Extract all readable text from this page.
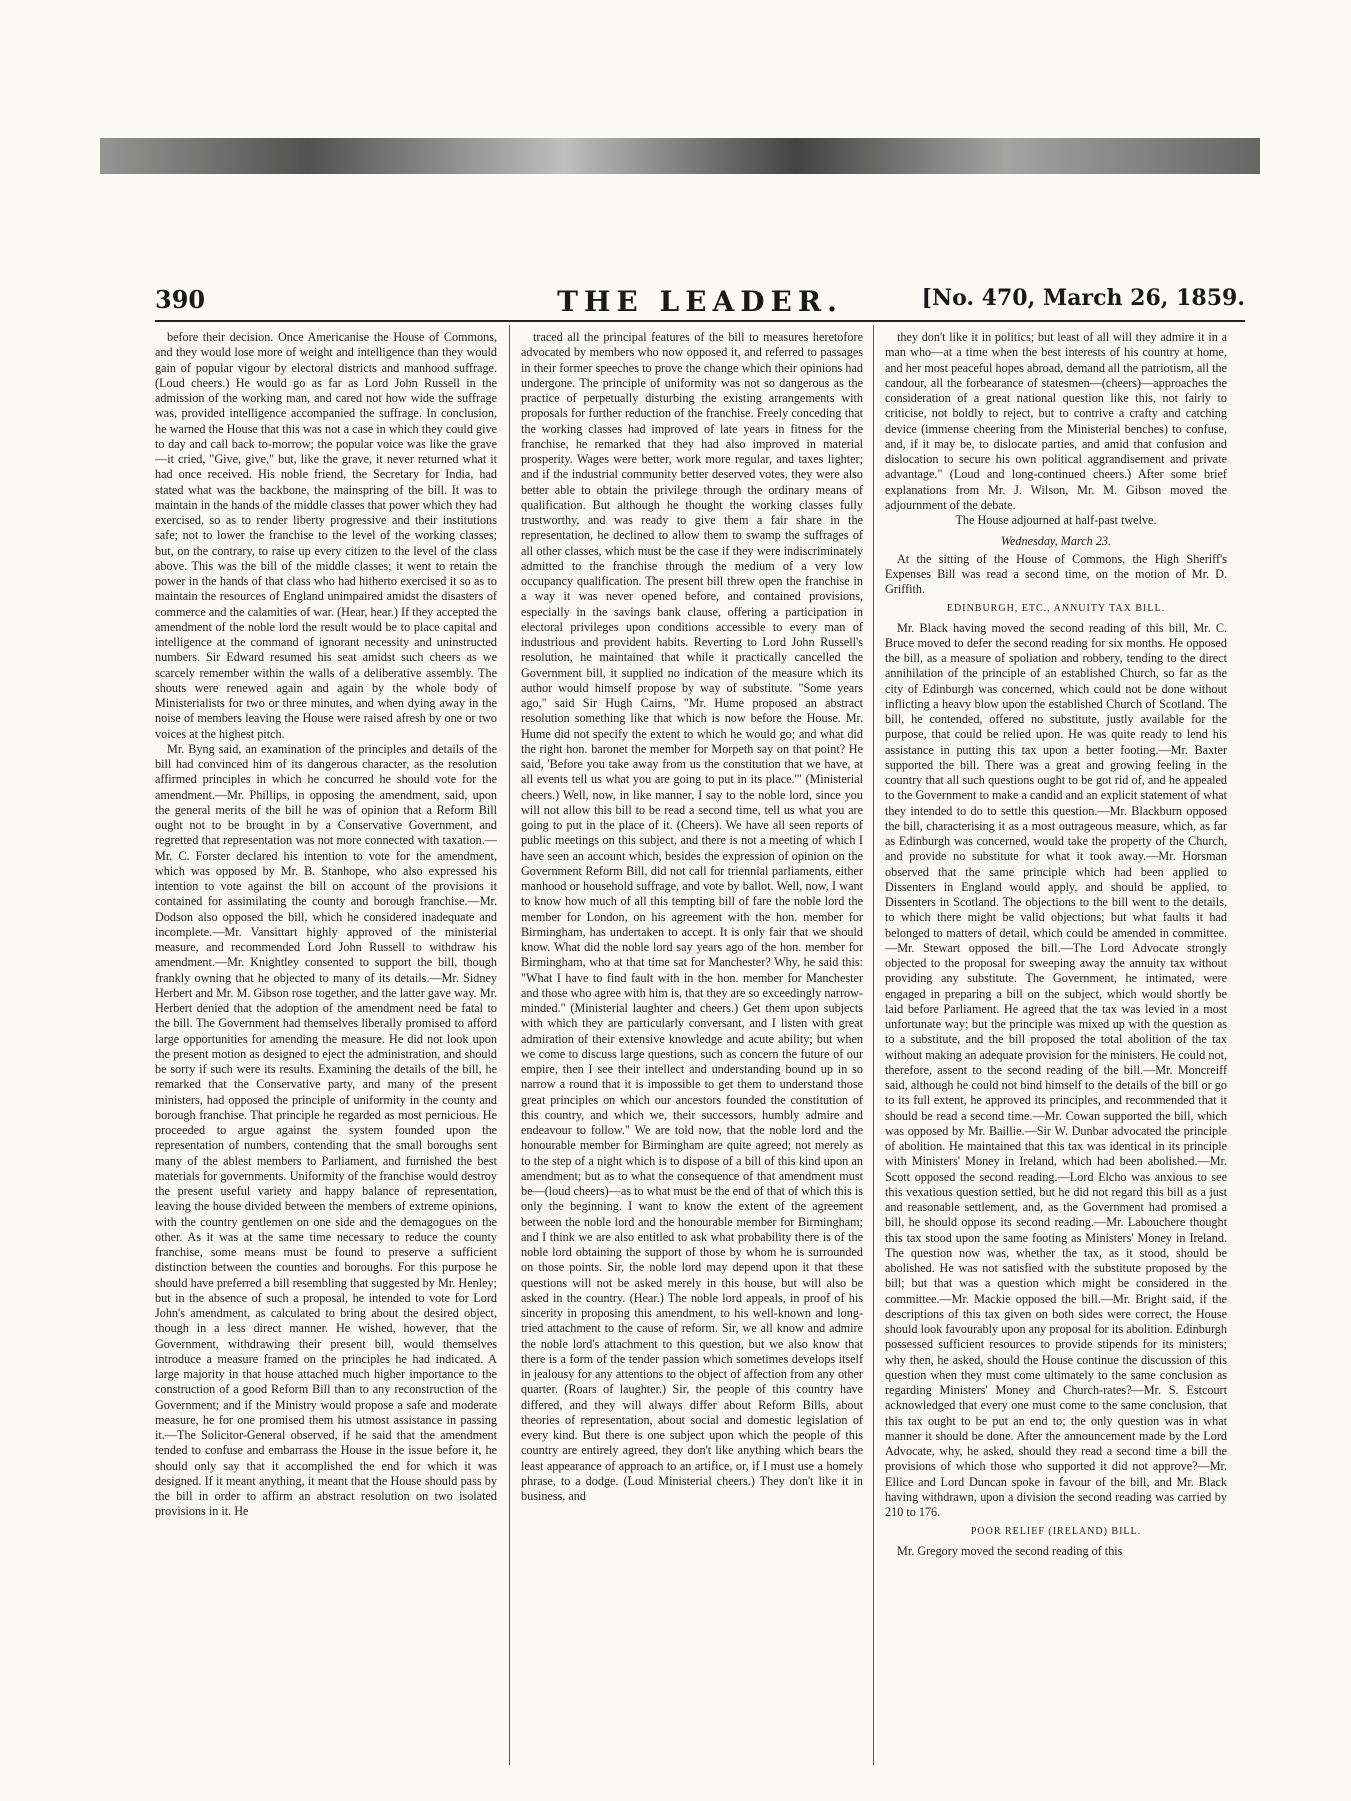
390	THE LEADER.	[No. 470, March 26, 1859.

before their decision. Once Americanise the House of Commons, and they would lose more of weight and intelligence than they would gain of popular vigour by electoral districts and manhood suffrage. (Loud cheers.) He would go as far as Lord John Russell in the admission of the working man, and cared not how wide the suffrage was, provided intelligence accompanied the suffrage. In conclusion, he warned the House that this was not a case in which they could give to day and call back to-morrow; the popular voice was like the grave—it cried, "Give, give," but, like the grave, it never returned what it had once received. His noble friend, the Secretary for India, had stated what was the backbone, the mainspring of the bill. It was to maintain in the hands of the middle classes that power which they had exercised, so as to render liberty progressive and their institutions safe; not to lower the franchise to the level of the working classes; but, on the contrary, to raise up every citizen to the level of the class above. This was the bill of the middle classes; it went to retain the power in the hands of that class who had hitherto exercised it so as to maintain the resources of England unimpaired amidst the disasters of commerce and the calamities of war. (Hear, hear.) If they accepted the amendment of the noble lord the result would be to place capital and intelligence at the command of ignorant necessity and uninstructed numbers. Sir Edward resumed his seat amidst such cheers as we scarcely remember within the walls of a deliberative assembly. The shouts were renewed again and again by the whole body of Ministerialists for two or three minutes, and when dying away in the noise of members leaving the House were raised afresh by one or two voices at the highest pitch.

Mr. Byng said, an examination of the principles and details of the bill had convinced him of its dangerous character, as the resolution affirmed principles in which he concurred he should vote for the amendment.—Mr. Phillips, in opposing the amendment, said, upon the general merits of the bill he was of opinion that a Reform Bill ought not to be brought in by a Conservative Government, and regretted that representation was not more connected with taxation.—Mr. C. Forster declared his intention to vote for the amendment, which was opposed by Mr. B. Stanhope, who also expressed his intention to vote against the bill on account of the provisions it contained for assimilating the county and borough franchise.—Mr. Dodson also opposed the bill, which he considered inadequate and incomplete.—Mr. Vansittart highly approved of the ministerial measure, and recommended Lord John Russell to withdraw his amendment.—Mr. Knightley consented to support the bill, though frankly owning that he objected to many of its details.—Mr. Sidney Herbert and Mr. M. Gibson rose together, and the latter gave way. Mr. Herbert denied that the adoption of the amendment need be fatal to the bill. The Government had themselves liberally promised to afford large opportunities for amending the measure. He did not look upon the present motion as designed to eject the administration, and should be sorry if such were its results. Examining the details of the bill, he remarked that the Conservative party, and many of the present ministers, had opposed the principle of uniformity in the county and borough franchise. That principle he regarded as most pernicious. He proceeded to argue against the system founded upon the representation of numbers, contending that the small boroughs sent many of the ablest members to Parliament, and furnished the best materials for governments. Uniformity of the franchise would destroy the present useful variety and happy balance of representation, leaving the house divided between the members of extreme opinions, with the country gentlemen on one side and the demagogues on the other. As it was at the same time necessary to reduce the county franchise, some means must be found to preserve a sufficient distinction between the counties and boroughs. For this purpose he should have preferred a bill resembling that suggested by Mr. Henley; but in the absence of such a proposal, he intended to vote for Lord John's amendment, as calculated to bring about the desired object, though in a less direct manner. He wished, however, that the Government, withdrawing their present bill, would themselves introduce a measure framed on the principles he had indicated. A large majority in that house attached much higher importance to the construction of a good Reform Bill than to any reconstruction of the Government; and if the Ministry would propose a safe and moderate measure, he for one promised them his utmost assistance in passing it.—The Solicitor-General observed, if he said that the amendment tended to confuse and embarrass the House in the issue before it, he should only say that it accomplished the end for which it was designed. If it meant anything, it meant that the House should pass by the bill in order to affirm an abstract resolution on two isolated provisions in it. He

traced all the principal features of the bill to measures heretofore advocated by members who now opposed it, and referred to passages in their former speeches to prove the change which their opinions had undergone. The principle of uniformity was not so dangerous as the practice of perpetually disturbing the existing arrangements with proposals for further reduction of the franchise. Freely conceding that the working classes had improved of late years in fitness for the franchise, he remarked that they had also improved in material prosperity. Wages were better, work more regular, and taxes lighter; and if the industrial community better deserved votes, they were also better able to obtain the privilege through the ordinary means of qualification. But although he thought the working classes fully trustworthy, and was ready to give them a fair share in the representation, he declined to allow them to swamp the suffrages of all other classes, which must be the case if they were indiscriminately admitted to the franchise through the medium of a very low occupancy qualification. The present bill threw open the franchise in a way it was never opened before, and contained provisions, especially in the savings bank clause, offering a participation in electoral privileges upon conditions accessible to every man of industrious and provident habits. Reverting to Lord John Russell's resolution, he maintained that while it practically cancelled the Government bill, it supplied no indication of the measure which its author would himself propose by way of substitute. "Some years ago," said Sir Hugh Cairns, "Mr. Hume proposed an abstract resolution something like that which is now before the House. Mr. Hume did not specify the extent to which he would go; and what did the right hon. baronet the member for Morpeth say on that point? He said, 'Before you take away from us the constitution that we have, at all events tell us what you are going to put in its place.'" (Ministerial cheers.) Well, now, in like manner, I say to the noble lord, since you will not allow this bill to be read a second time, tell us what you are going to put in the place of it. (Cheers). We have all seen reports of public meetings on this subject, and there is not a meeting of which I have seen an account which, besides the expression of opinion on the Government Reform Bill, did not call for triennial parliaments, either manhood or household suffrage, and vote by ballot. Well, now, I want to know how much of all this tempting bill of fare the noble lord the member for London, on his agreement with the hon. member for Birmingham, has undertaken to accept. It is only fair that we should know. What did the noble lord say years ago of the hon. member for Birmingham, who at that time sat for Manchester? Why, he said this: "What I have to find fault with in the hon. member for Manchester and those who agree with him is, that they are so exceedingly narrow-minded." (Ministerial laughter and cheers.) Get them upon subjects with which they are particularly conversant, and I listen with great admiration of their extensive knowledge and acute ability; but when we come to discuss large questions, such as concern the future of our empire, then I see their intellect and understanding bound up in so narrow a round that it is impossible to get them to understand those great principles on which our ancestors founded the constitution of this country, and which we, their successors, humbly admire and endeavour to follow." We are told now, that the noble lord and the honourable member for Birmingham are quite agreed; not merely as to the step of a night which is to dispose of a bill of this kind upon an amendment; but as to what the consequence of that amendment must be—(loud cheers)—as to what must be the end of that of which this is only the beginning. I want to know the extent of the agreement between the noble lord and the honourable member for Birmingham; and I think we are also entitled to ask what probability there is of the noble lord obtaining the support of those by whom he is surrounded on those points. Sir, the noble lord may depend upon it that these questions will not be asked merely in this house, but will also be asked in the country. (Hear.) The noble lord appeals, in proof of his sincerity in proposing this amendment, to his well-known and long-tried attachment to the cause of reform. Sir, we all know and admire the noble lord's attachment to this question, but we also know that there is a form of the tender passion which sometimes develops itself in jealousy for any attentions to the object of affection from any other quarter. (Roars of laughter.) Sir, the people of this country have differed, and they will always differ about Reform Bills, about theories of representation, about social and domestic legislation of every kind. But there is one subject upon which the people of this country are entirely agreed, they don't like anything which bears the least appearance of approach to an artifice, or, if I must use a homely phrase, to a dodge. (Loud Ministerial cheers.) They don't like it in business, and

they don't like it in politics; but least of all will they admire it in a man who—at a time when the best interests of his country at home, and her most peaceful hopes abroad, demand all the patriotism, all the candour, all the forbearance of statesmen—(cheers)—approaches the consideration of a great national question like this, not fairly to criticise, not boldly to reject, but to contrive a crafty and catching device (immense cheering from the Ministerial benches) to confuse, and, if it may be, to dislocate parties, and amid that confusion and dislocation to secure his own political aggrandisement and private advantage." (Loud and long-continued cheers.) After some brief explanations from Mr. J. Wilson, Mr. M. Gibson moved the adjournment of the debate.

The House adjourned at half-past twelve.

Wednesday, March 23.

At the sitting of the House of Commons, the High Sheriff's Expenses Bill was read a second time, on the motion of Mr. D. Griffith.

EDINBURGH, ETC., ANNUITY TAX BILL.

Mr. Black having moved the second reading of this bill, Mr. C. Bruce moved to defer the second reading for six months. He opposed the bill, as a measure of spoliation and robbery, tending to the direct annihilation of the principle of an established Church, so far as the city of Edinburgh was concerned, which could not be done without inflicting a heavy blow upon the established Church of Scotland. The bill, he contended, offered no substitute, justly available for the purpose, that could be relied upon. He was quite ready to lend his assistance in putting this tax upon a better footing.—Mr. Baxter supported the bill. There was a great and growing feeling in the country that all such questions ought to be got rid of, and he appealed to the Government to make a candid and an explicit statement of what they intended to do to settle this question.—Mr. Blackburn opposed the bill, characterising it as a most outrageous measure, which, as far as Edinburgh was concerned, would take the property of the Church, and provide no substitute for what it took away.—Mr. Horsman observed that the same principle which had been applied to Dissenters in England would apply, and should be applied, to Dissenters in Scotland. The objections to the bill went to the details, to which there might be valid objections; but what faults it had belonged to matters of detail, which could be amended in committee.—Mr. Stewart opposed the bill.—The Lord Advocate strongly objected to the proposal for sweeping away the annuity tax without providing any substitute. The Government, he intimated, were engaged in preparing a bill on the subject, which would shortly be laid before Parliament. He agreed that the tax was levied in a most unfortunate way; but the principle was mixed up with the question as to a substitute, and the bill proposed the total abolition of the tax without making an adequate provision for the ministers. He could not, therefore, assent to the second reading of the bill.—Mr. Moncreiff said, although he could not bind himself to the details of the bill or go to its full extent, he approved its principles, and recommended that it should be read a second time.—Mr. Cowan supported the bill, which was opposed by Mr. Baillie.—Sir W. Dunbar advocated the principle of abolition. He maintained that this tax was identical in its principle with Ministers' Money in Ireland, which had been abolished.—Mr. Scott opposed the second reading.—Lord Elcho was anxious to see this vexatious question settled, but he did not regard this bill as a just and reasonable settlement, and, as the Government had promised a bill, he should oppose its second reading.—Mr. Labouchere thought this tax stood upon the same footing as Ministers' Money in Ireland. The question now was, whether the tax, as it stood, should be abolished. He was not satisfied with the substitute proposed by the bill; but that was a question which might be considered in the committee.—Mr. Mackie opposed the bill.—Mr. Bright said, if the descriptions of this tax given on both sides were correct, the House should look favourably upon any proposal for its abolition. Edinburgh possessed sufficient resources to provide stipends for its ministers; why then, he asked, should the House continue the discussion of this question when they must come ultimately to the same conclusion as regarding Ministers' Money and Church-rates?—Mr. S. Estcourt acknowledged that every one must come to the same conclusion, that this tax ought to be put an end to; the only question was in what manner it should be done. After the announcement made by the Lord Advocate, why, he asked, should they read a second time a bill the provisions of which those who supported it did not approve?—Mr. Ellice and Lord Duncan spoke in favour of the bill, and Mr. Black having withdrawn, upon a division the second reading was carried by 210 to 176.

POOR RELIEF (IRELAND) BILL.

Mr. Gregory moved the second reading of this
